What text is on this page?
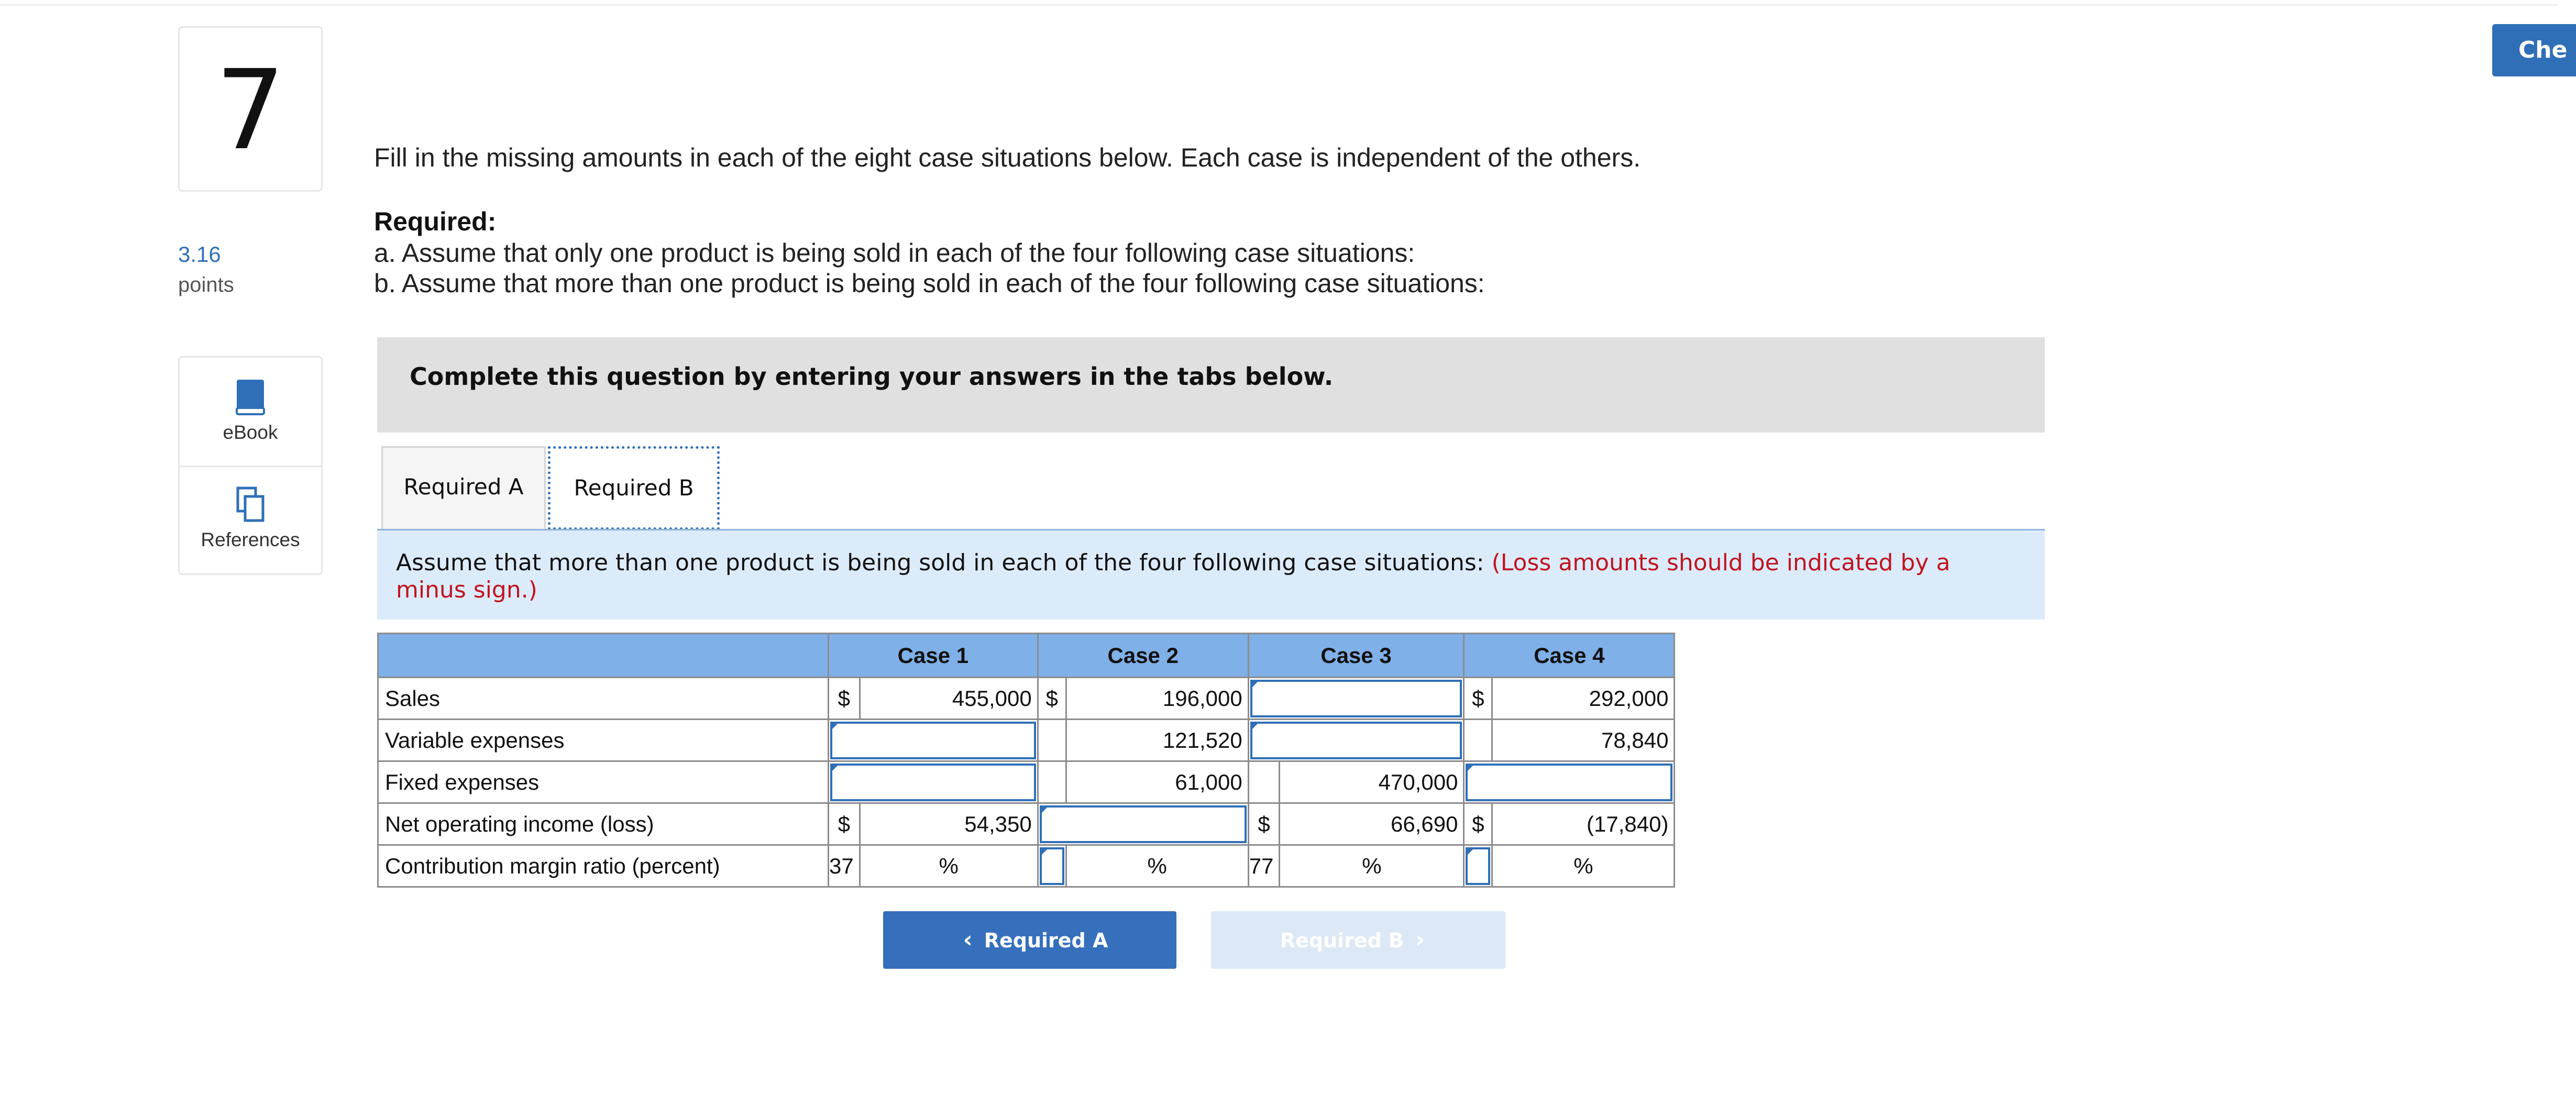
Che
7
3.16
points
eBook
References
Fill in the missing amounts in each of the eight case situations below. Each case is independent of the others.
Required:
a. Assume that only one product is being sold in each of the four following case situations:
b. Assume that more than one product is being sold in each of the four following case situations:
Complete this question by entering your answers in the tabs below.
Required A	Required B
Assume that more than one product is being sold in each of the four following case situations: (Loss amounts should be indicated by a minus sign.)
	Case 1		Case 2		Case 3		Case 4	
Sales	$	455,000	$	196,000			$	292,000
Variable expenses				121,520				78,840
Fixed expenses				61,000		470,000		

Net operating income (loss)	$	54,350			$	66,690	$	(17,840)
Contribution margin ratio (percent)	37	%		%	77	%		%
‹ Required A	Required B ›
